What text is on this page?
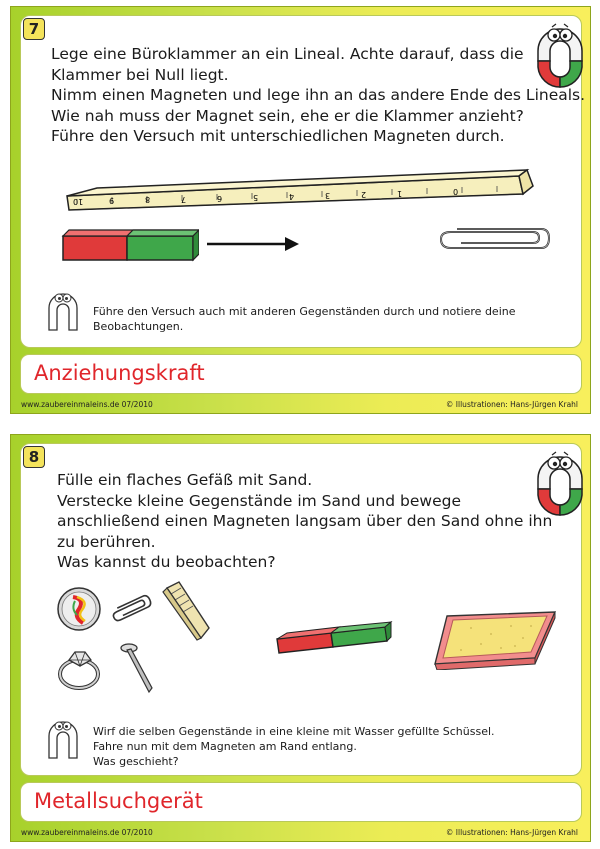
7
Lege eine Büroklammer an ein Lineal. Achte darauf, dass die
Klammer bei Null liegt.
Nimm einen Magneten und lege ihn an das andere Ende des Lineals.
Wie nah muss der Magnet sein, ehe er die Klammer anzieht?
Führe den Versuch mit unterschiedlichen Magneten durch.
10	9	8	7	6	5	4	3	2	1	0
Führe den Versuch auch mit anderen Gegenständen durch und notiere deine
Beobachtungen.
Anziehungskraft
www.zaubereinmaleins.de 07/2010	© Illustrationen: Hans-Jürgen Krahl
8
Fülle ein flaches Gefäß mit Sand.
Verstecke kleine Gegenstände im Sand und bewege
anschließend einen Magneten langsam über den Sand ohne ihn
zu berühren.
Was kannst du beobachten?
Wirf die selben Gegenstände in eine kleine mit Wasser gefüllte Schüssel.
Fahre nun mit dem Magneten am Rand entlang.
Was geschieht?
Metallsuchgerät
www.zaubereinmaleins.de 07/2010	© Illustrationen: Hans-Jürgen Krahl
